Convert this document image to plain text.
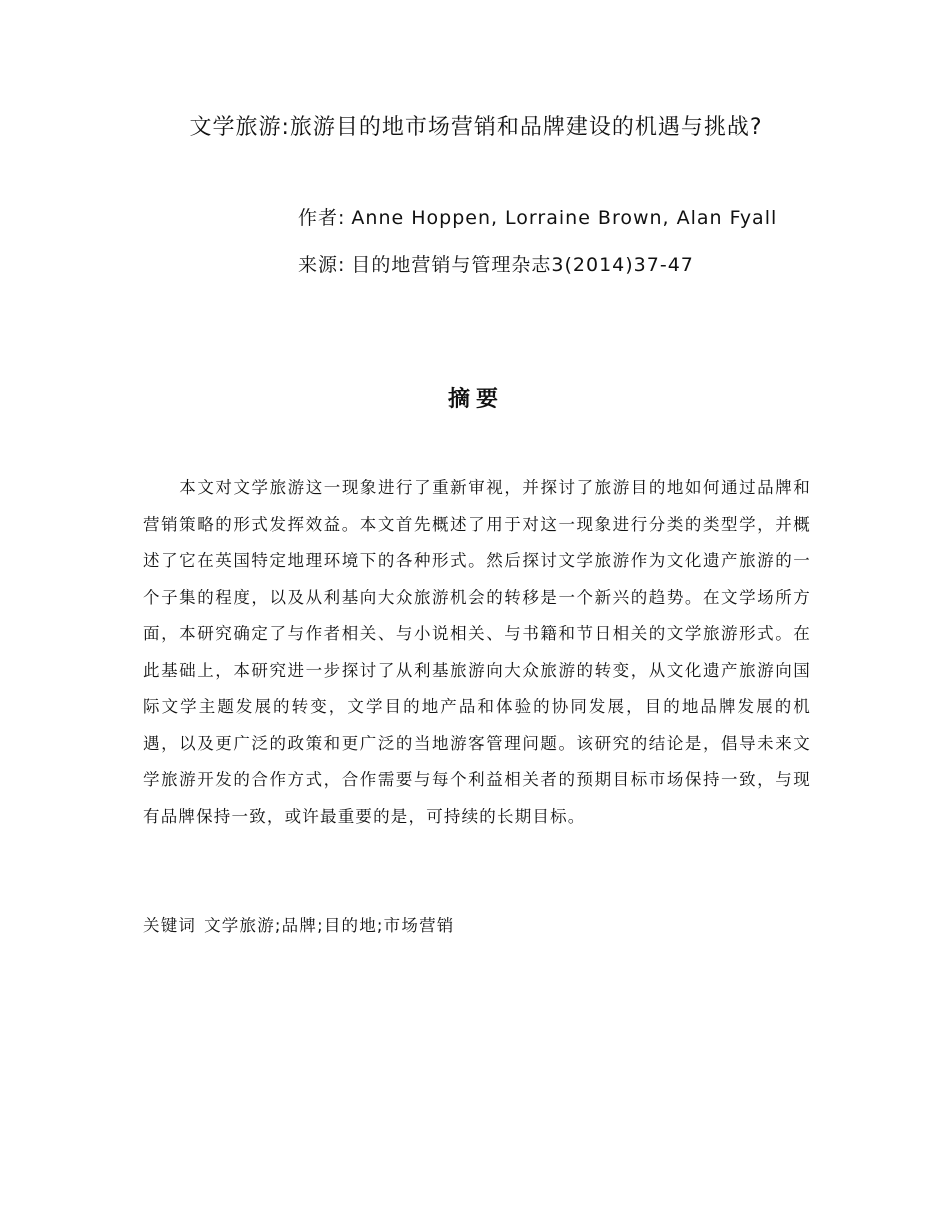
文学旅游:旅游目的地市场营销和品牌建设的机遇与挑战?
作者: Anne Hoppen, Lorraine Brown, Alan Fyall
来源: 目的地营销与管理杂志3(2014)37-47
摘要

本文对文学旅游这一现象进行了重新审视，并探讨了旅游目的地如何通过品牌和营销策略的形式发挥效益。本文首先概述了用于对这一现象进行分类的类型学，并概述了它在英国特定地理环境下的各种形式。然后探讨文学旅游作为文化遗产旅游的一个子集的程度，以及从利基向大众旅游机会的转移是一个新兴的趋势。在文学场所方面，本研究确定了与作者相关、与小说相关、与书籍和节日相关的文学旅游形式。在此基础上，本研究进一步探讨了从利基旅游向大众旅游的转变，从文化遗产旅游向国际文学主题发展的转变，文学目的地产品和体验的协同发展，目的地品牌发展的机遇，以及更广泛的政策和更广泛的当地游客管理问题。该研究的结论是，倡导未来文学旅游开发的合作方式，合作需要与每个利益相关者的预期目标市场保持一致，与现有品牌保持一致，或许最重要的是，可持续的长期目标。

关键词 文学旅游;品牌;目的地;市场营销
